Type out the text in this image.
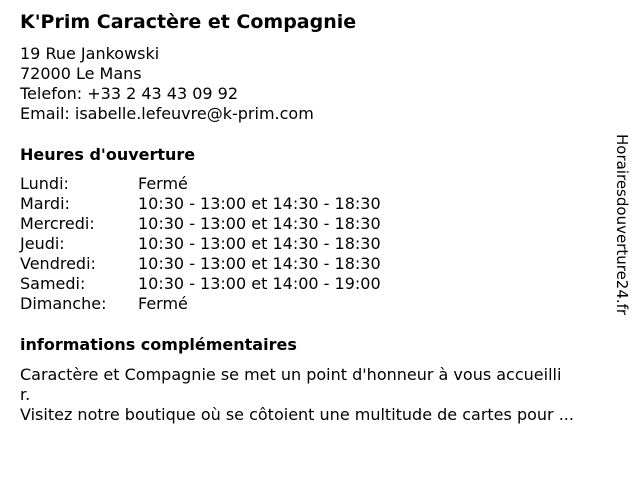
K'Prim Caractère et Compagnie
19 Rue Jankowski
72000 Le Mans
Telefon: +33 2 43 43 09 92
Email: isabelle.lefeuvre@k-prim.com
Heures d'ouverture
Lundi:	Fermé
Mardi:	10:30 - 13:00 et 14:30 - 18:30
Mercredi:	10:30 - 13:00 et 14:30 - 18:30
Jeudi:	10:30 - 13:00 et 14:30 - 18:30
Vendredi:	10:30 - 13:00 et 14:30 - 18:30
Samedi:	10:30 - 13:00 et 14:00 - 19:00
Dimanche: Fermé
informations complémentaires
Caractère et Compagnie se met un point d'honneur à vous accueilli
r.
Visitez notre boutique où se côtoient une multitude de cartes pour ...
Horairesdouverture24.fr
